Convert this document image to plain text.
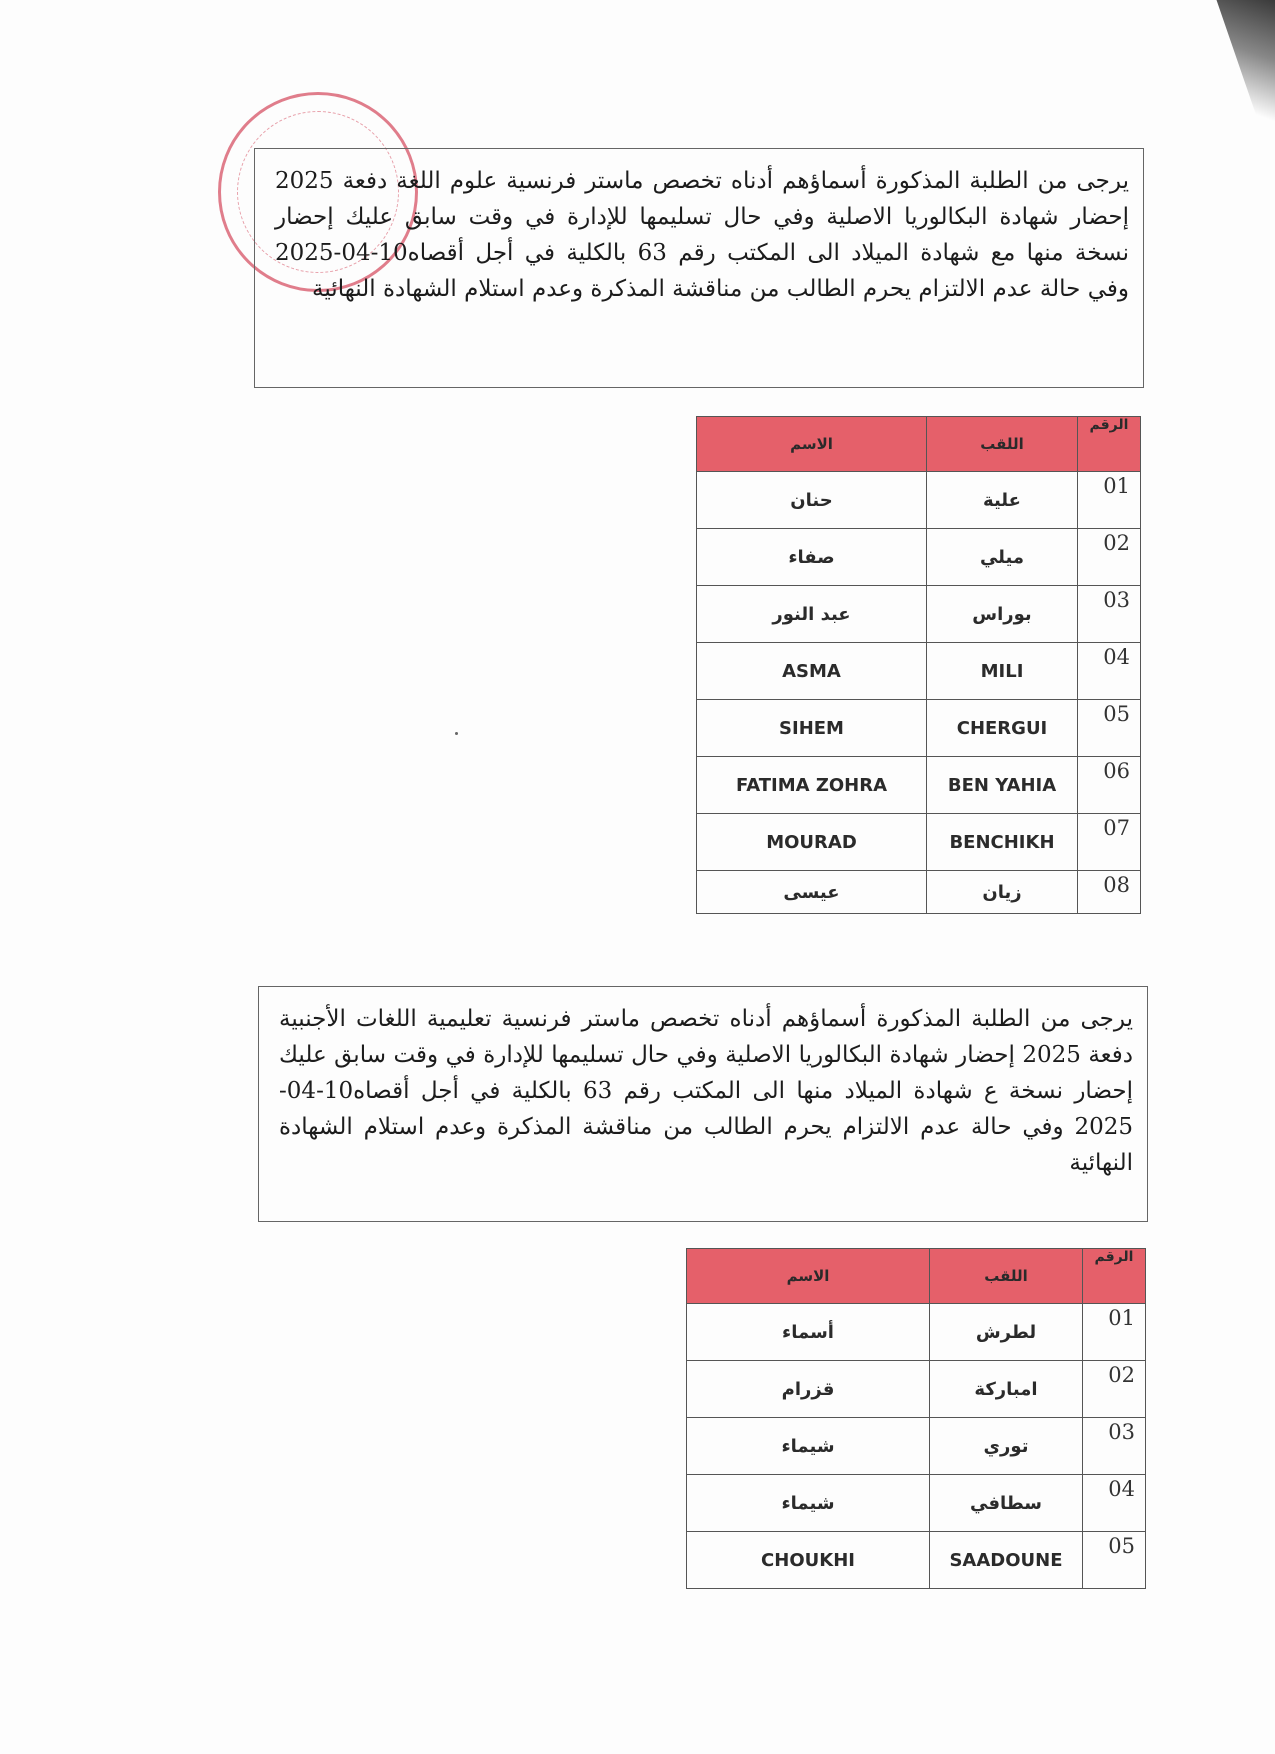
يرجى من الطلبة المذكورة أسماؤهم أدناه تخصص ماستر فرنسية علوم اللغة دفعة 2025 إحضار شهادة البكالوريا الاصلية وفي حال تسليمها للإدارة في وقت سابق عليك إحضار نسخة منها مع شهادة الميلاد الى المكتب رقم 63 بالكلية في أجل أقصاه10-04-2025 وفي حالة عدم الالتزام يحرم الطالب من مناقشة المذكرة وعدم استلام الشهادة النهائية
الرقم	اللقب	الاسم
01	علية	حنان
02	ميلي	صفاء
03	بوراس	عبد النور
04	MILI	ASMA
05	CHERGUI	SIHEM
06	BEN YAHIA	FATIMA ZOHRA
07	BENCHIKH	MOURAD
08	زيان	عيسى
يرجى من الطلبة المذكورة أسماؤهم أدناه تخصص ماستر فرنسية تعليمية اللغات الأجنبية دفعة 2025 إحضار شهادة البكالوريا الاصلية وفي حال تسليمها للإدارة في وقت سابق عليك إحضار نسخة ع شهادة الميلاد منها الى المكتب رقم 63 بالكلية في أجل أقصاه10-04-2025 وفي حالة عدم الالتزام يحرم الطالب من مناقشة المذكرة وعدم استلام الشهادة النهائية
الرقم	اللقب	الاسم
01	لطرش	أسماء
02	امباركة	قزرام
03	توري	شيماء
04	سطافي	شيماء
05	SAADOUNE	CHOUKHI
